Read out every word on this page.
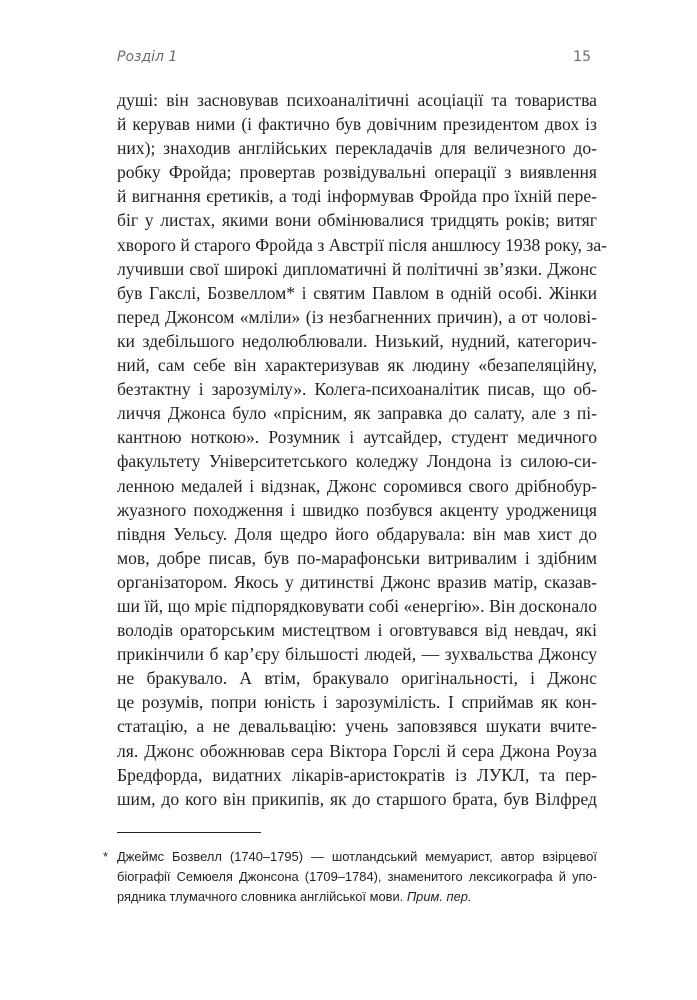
Розділ 1	15
душі: він засновував психоаналітичні асоціації та товариства
й керував ними (і фактично був довічним президентом двох із
них); знаходив англійських перекладачів для величезного до-
робку Фройда; провертав розвідувальні операції з виявлення
й вигнання єретиків, а тоді інформував Фройда про їхній пере-
біг у листах, якими вони обмінювалися тридцять років; витяг
хворого й старого Фройда з Австрії після аншлюсу 1938 року, за-
лучивши свої широкі дипломатичні й політичні зв’язки. Джонс
був Гакслі, Бозвеллом* і святим Павлом в одній особі. Жінки
перед Джонсом «мліли» (із незбагненних причин), а от чолові-
ки здебільшого недолюблювали. Низький, нудний, категорич-
ний, сам себе він характеризував як людину «безапеляційну,
безтактну і зарозумілу». Колега-психоаналітик писав, що об-
личчя Джонса було «прісним, як заправка до салату, але з пі-
кантною ноткою». Розумник і аутсайдер, студент медичного
факультету Університетського коледжу Лондона із силою-си-
ленною медалей і відзнак, Джонс соромився свого дрібнобур-
жуазного походження і швидко позбувся акценту уроджениця
півдня Уельсу. Доля щедро його обдарувала: він мав хист до
мов, добре писав, був по-марафонськи витривалим і здібним
організатором. Якось у дитинстві Джонс вразив матір, сказав-
ши їй, що мріє підпорядковувати собі «енергію». Він досконало
володів ораторським мистецтвом і оговтувався від невдач, які
прикінчили б кар’єру більшості людей, — зухвальства Джонсу
не бракувало. А втім, бракувало оригінальності, і Джонс
це розумів, попри юність і зарозумілість. І сприймав як кон-
статацію, а не девальвацію: учень заповзявся шукати вчите-
ля. Джонс обожнював сера Віктора Горслі й сера Джона Роуза
Бредфорда, видатних лікарів-аристократів із ЛУКЛ, та пер-
шим, до кого він прикипів, як до старшого брата, був Вілфред
* Джеймс Бозвелл (1740–1795) — шотландський мемуарист, автор взірцевої
біографії Семюеля Джонсона (1709–1784), знаменитого лексикографа й упо-
рядника тлумачного словника англійської мови. Прим. пер.
